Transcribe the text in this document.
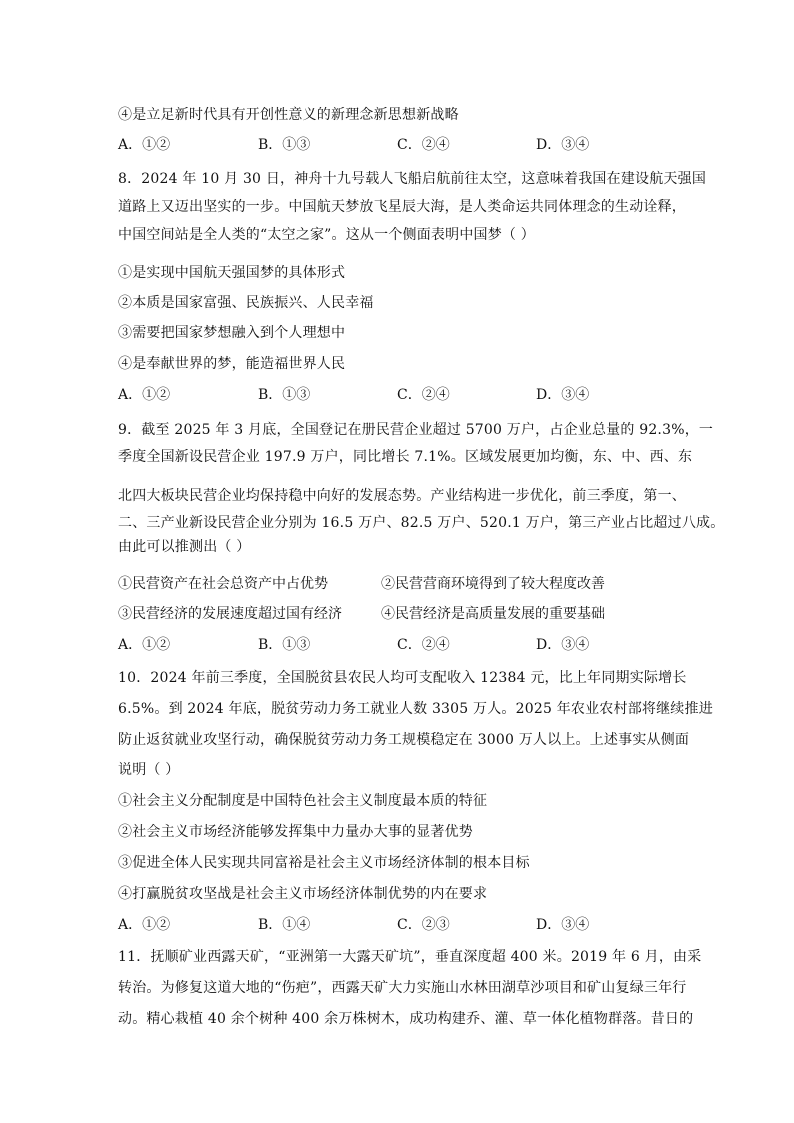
④是立足新时代具有开创性意义的新理念新思想新战略
A．①②	B．①③	C．②④	D．③④
8．2024 年 10 月 30 日，神舟十九号载人飞船启航前往太空，这意味着我国在建设航天强国
道路上又迈出坚实的一步。中国航天梦放飞星辰大海，是人类命运共同体理念的生动诠释，
中国空间站是全人类的“太空之家”。这从一个侧面表明中国梦（ ）
①是实现中国航天强国梦的具体形式
②本质是国家富强、民族振兴、人民幸福
③需要把国家梦想融入到个人理想中
④是奉献世界的梦，能造福世界人民
A．①②	B．①③	C．②④	D．③④
9．截至 2025 年 3 月底，全国登记在册民营企业超过 5700 万户，占企业总量的 92.3%，一
季度全国新设民营企业 197.9 万户，同比增长 7.1%。区域发展更加均衡，东、中、西、东
北四大板块民营企业均保持稳中向好的发展态势。产业结构进一步优化，前三季度，第一、
二、三产业新设民营企业分别为 16.5 万户、82.5 万户、520.1 万户，第三产业占比超过八成。
由此可以推测出（ ）
①民营资产在社会总资产中占优势	②民营营商环境得到了较大程度改善
③民营经济的发展速度超过国有经济	④民营经济是高质量发展的重要基础
A．①②	B．①③	C．②④	D．③④
10．2024 年前三季度，全国脱贫县农民人均可支配收入 12384 元，比上年同期实际增长
6.5%。到 2024 年底，脱贫劳动力务工就业人数 3305 万人。2025 年农业农村部将继续推进
防止返贫就业攻坚行动，确保脱贫劳动力务工规模稳定在 3000 万人以上。上述事实从侧面
说明（ ）
①社会主义分配制度是中国特色社会主义制度最本质的特征
②社会主义市场经济能够发挥集中力量办大事的显著优势
③促进全体人民实现共同富裕是社会主义市场经济体制的根本目标
④打赢脱贫攻坚战是社会主义市场经济体制优势的内在要求
A．①②	B．①④	C．②③	D．③④
11．抚顺矿业西露天矿，“亚洲第一大露天矿坑”，垂直深度超 400 米。2019 年 6 月，由采
转治。为修复这道大地的“伤疤”，西露天矿大力实施山水林田湖草沙项目和矿山复绿三年行
动。精心栽植 40 余个树种 400 余万株树木，成功构建乔、灌、草一体化植物群落。昔日的
